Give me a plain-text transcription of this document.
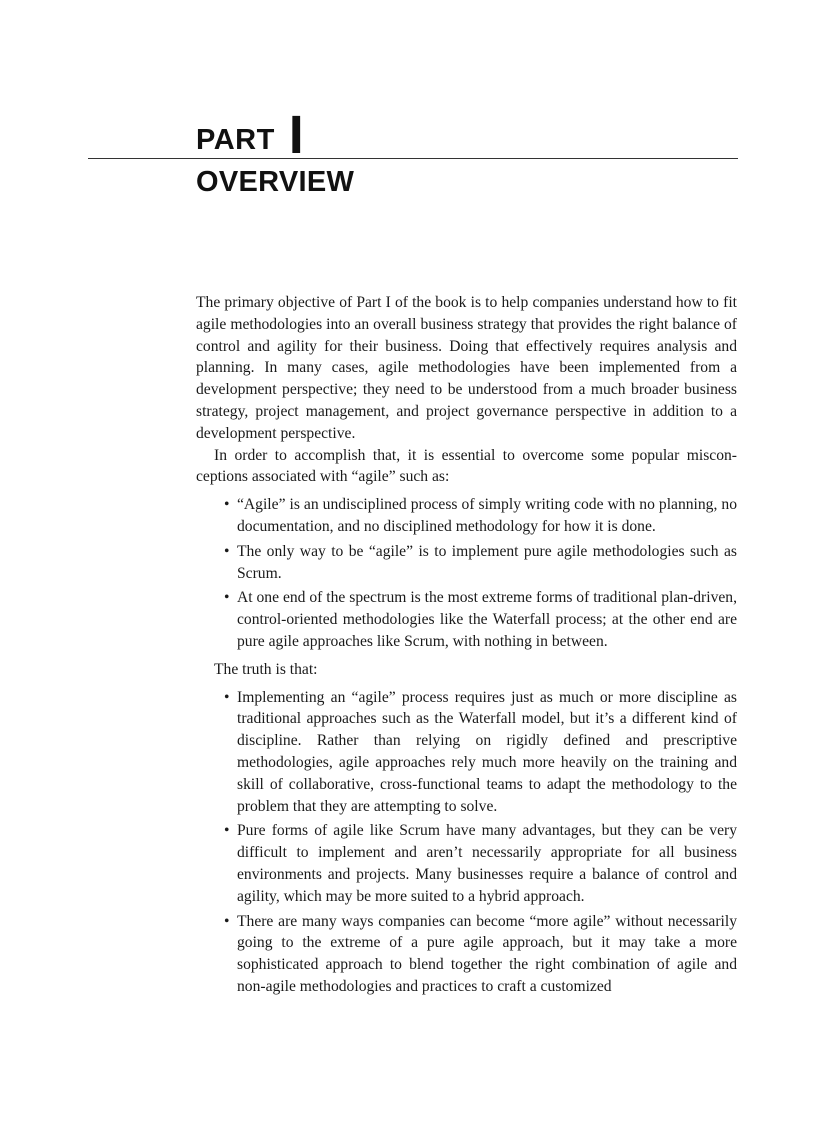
PART I
OVERVIEW

The primary objective of Part I of the book is to help companies understand how to fit agile methodologies into an overall business strategy that provides the right balance of control and agility for their business. Doing that effectively requires analysis and planning. In many cases, agile methodologies have been implemented from a development perspective; they need to be understood from a much broader business strategy, project management, and project governance perspective in addition to a development perspective.

In order to accomplish that, it is essential to overcome some popular misconceptions associated with “agile” such as:

• “Agile” is an undisciplined process of simply writing code with no planning, no documentation, and no disciplined methodology for how it is done.
• The only way to be “agile” is to implement pure agile methodologies such as Scrum.
• At one end of the spectrum is the most extreme forms of traditional plan-driven, control-oriented methodologies like the Waterfall process; at the other end are pure agile approaches like Scrum, with nothing in between.

The truth is that:

• Implementing an “agile” process requires just as much or more discipline as traditional approaches such as the Waterfall model, but it’s a different kind of discipline. Rather than relying on rigidly defined and prescriptive methodologies, agile approaches rely much more heavily on the training and skill of collaborative, cross-functional teams to adapt the methodology to the problem that they are attempting to solve.
• Pure forms of agile like Scrum have many advantages, but they can be very difficult to implement and aren’t necessarily appropriate for all business environments and projects. Many businesses require a balance of control and agility, which may be more suited to a hybrid approach.
• There are many ways companies can become “more agile” without necessarily going to the extreme of a pure agile approach, but it may take a more sophisticated approach to blend together the right combination of agile and non-agile methodologies and practices to craft a customized
